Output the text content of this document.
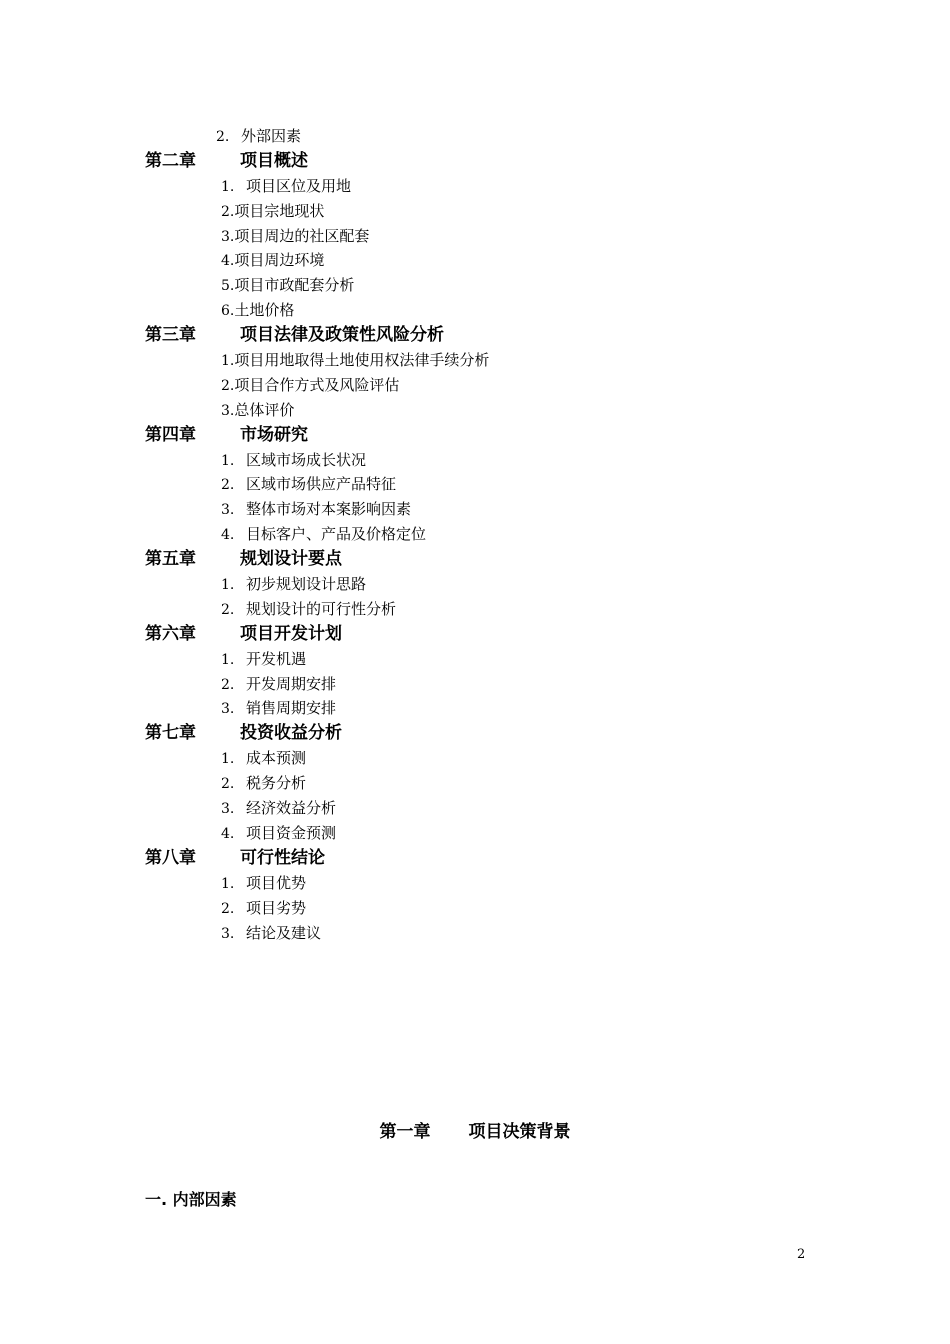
2. 外部因素
第二章	项目概述
1. 项目区位及用地
2.项目宗地现状
3.项目周边的社区配套
4.项目周边环境
5.项目市政配套分析
6.土地价格
第三章	项目法律及政策性风险分析
1.项目用地取得土地使用权法律手续分析
2.项目合作方式及风险评估
3.总体评价
第四章	市场研究
1. 区域市场成长状况
2. 区域市场供应产品特征
3. 整体市场对本案影响因素
4. 目标客户、产品及价格定位
第五章	规划设计要点
1. 初步规划设计思路
2. 规划设计的可行性分析
第六章	项目开发计划
1. 开发机遇
2. 开发周期安排
3. 销售周期安排
第七章	投资收益分析
1. 成本预测
2. 税务分析
3. 经济效益分析
4. 项目资金预测
第八章	可行性结论
1. 项目优势
2. 项目劣势
3. 结论及建议
第一章 项目决策背景
一. 内部因素
2
